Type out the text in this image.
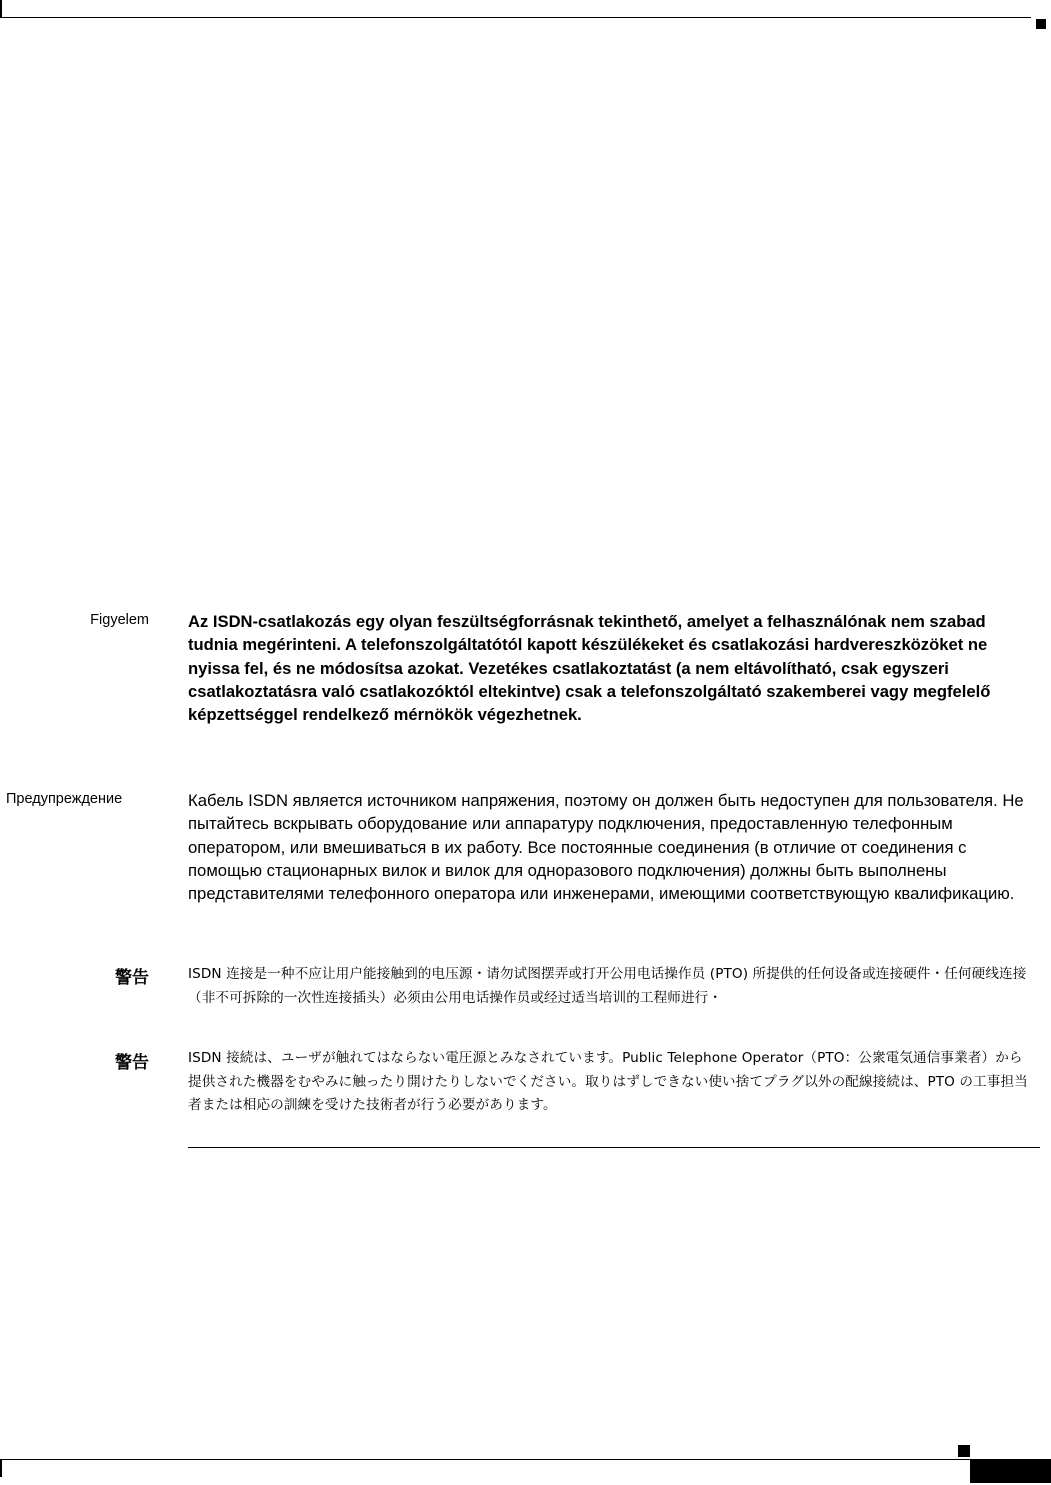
Figyelem Az ISDN-csatlakozás egy olyan feszültségforrásnak tekinthető, amelyet a felhasználónak nem szabad tudnia megérinteni. A telefonszolgáltatótól kapott készülékeket és csatlakozási hardvereszközöket ne nyissa fel, és ne módosítsa azokat. Vezetékes csatlakoztatást (a nem eltávolítható, csak egyszeri csatlakoztatásra való csatlakozóktól eltekintve) csak a telefonszolgáltató szakemberei vagy megfelelő képzettséggel rendelkező mérnökök végezhetnek.
Предупреждение	Кабель ISDN является источником напряжения, поэтому он должен быть недоступен для пользователя. Не пытайтесь вскрывать оборудование или аппаратуру подключения, предоставленную телефонным оператором, или вмешиваться в их работу. Все постоянные соединения (в отличие от соединения с помощью стационарных вилок и вилок для одноразового подключения) должны быть выполнены представителями телефонного оператора или инженерами, имеющими соответствующую квалификацию.
警告	ISDN 连接是一种不应让用户能接触到的电压源・请勿试图摆弄或打开公用电话操作员 (PTO) 所提供的任何设备或连接硬件・任何硬线连接（非不可拆除的一次性连接插头）必须由公用电话操作员或经过适当培训的工程师进行・
警告	ISDN 接続は、ユーザが触れてはならない電圧源とみなされています。Public Telephone Operator（PTO：公衆電気通信事業者）から提供された機器をむやみに触ったり開けたりしないでください。取りはずしできない使い捨てプラグ以外の配線接続は、PTO の工事担当者または相応の訓練を受けた技術者が行う必要があります。
